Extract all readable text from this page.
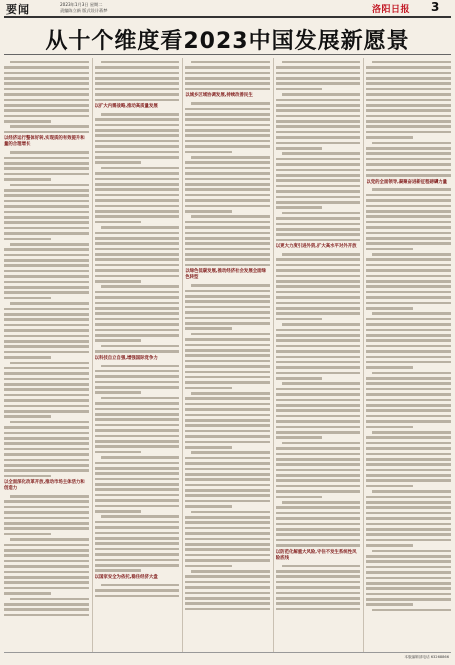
要闻	2023年1月3日 星期二
责编陈立新 版式设计蒋梦	洛阳日报 3
从十个维度看2023中国发展新愿景
以经济运行整体好转,实现质的有效提升和量的合理增长
以全面深化改革开放,推动市场主体活力和创造力
以扩大内需战略,推动高质量发展
以科技自立自强,增强国际竞争力
以国家安全为依托,稳住经济大盘
以城乡区域协调发展,持续改善民生
以绿色低碳发展,推动经济社会发展全面绿色转型
以更大力度引进外资,扩大高水平对外开放
以防范化解重大风险,守住不发生系统性风险底线
以党的全面领导,凝聚奋进新征程磅礴力量
本版编辑部电话 63268866
